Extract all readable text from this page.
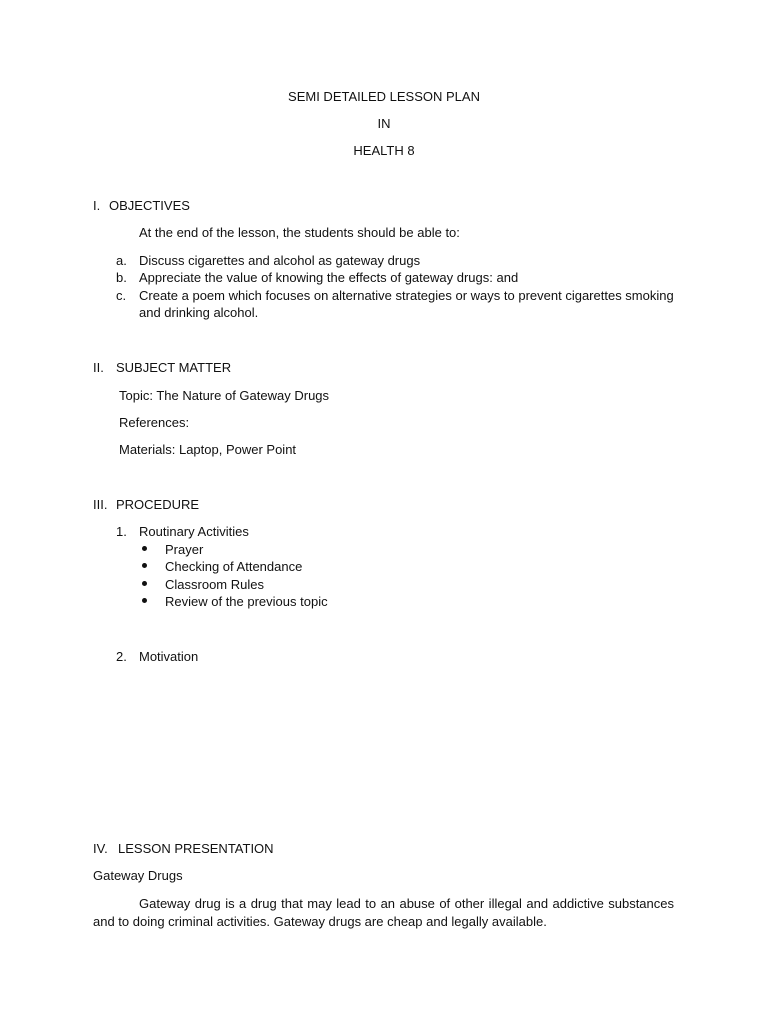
SEMI DETAILED LESSON PLAN
IN
HEALTH 8
I. OBJECTIVES
At the end of the lesson, the students should be able to:
a. Discuss cigarettes and alcohol as gateway drugs
b. Appreciate the value of knowing the effects of gateway drugs: and
c. Create a poem which focuses on alternative strategies or ways to prevent cigarettes smoking
and drinking alcohol.
II. SUBJECT MATTER
Topic: The Nature of Gateway Drugs
References:
Materials: Laptop, Power Point
III. PROCEDURE
1. Routinary Activities
Prayer
Checking of Attendance
Classroom Rules
Review of the previous topic
2. Motivation
IV. LESSON PRESENTATION
Gateway Drugs
Gateway drug is a drug that may lead to an abuse of other illegal and addictive substances and to doing criminal activities. Gateway drugs are cheap and legally available.
